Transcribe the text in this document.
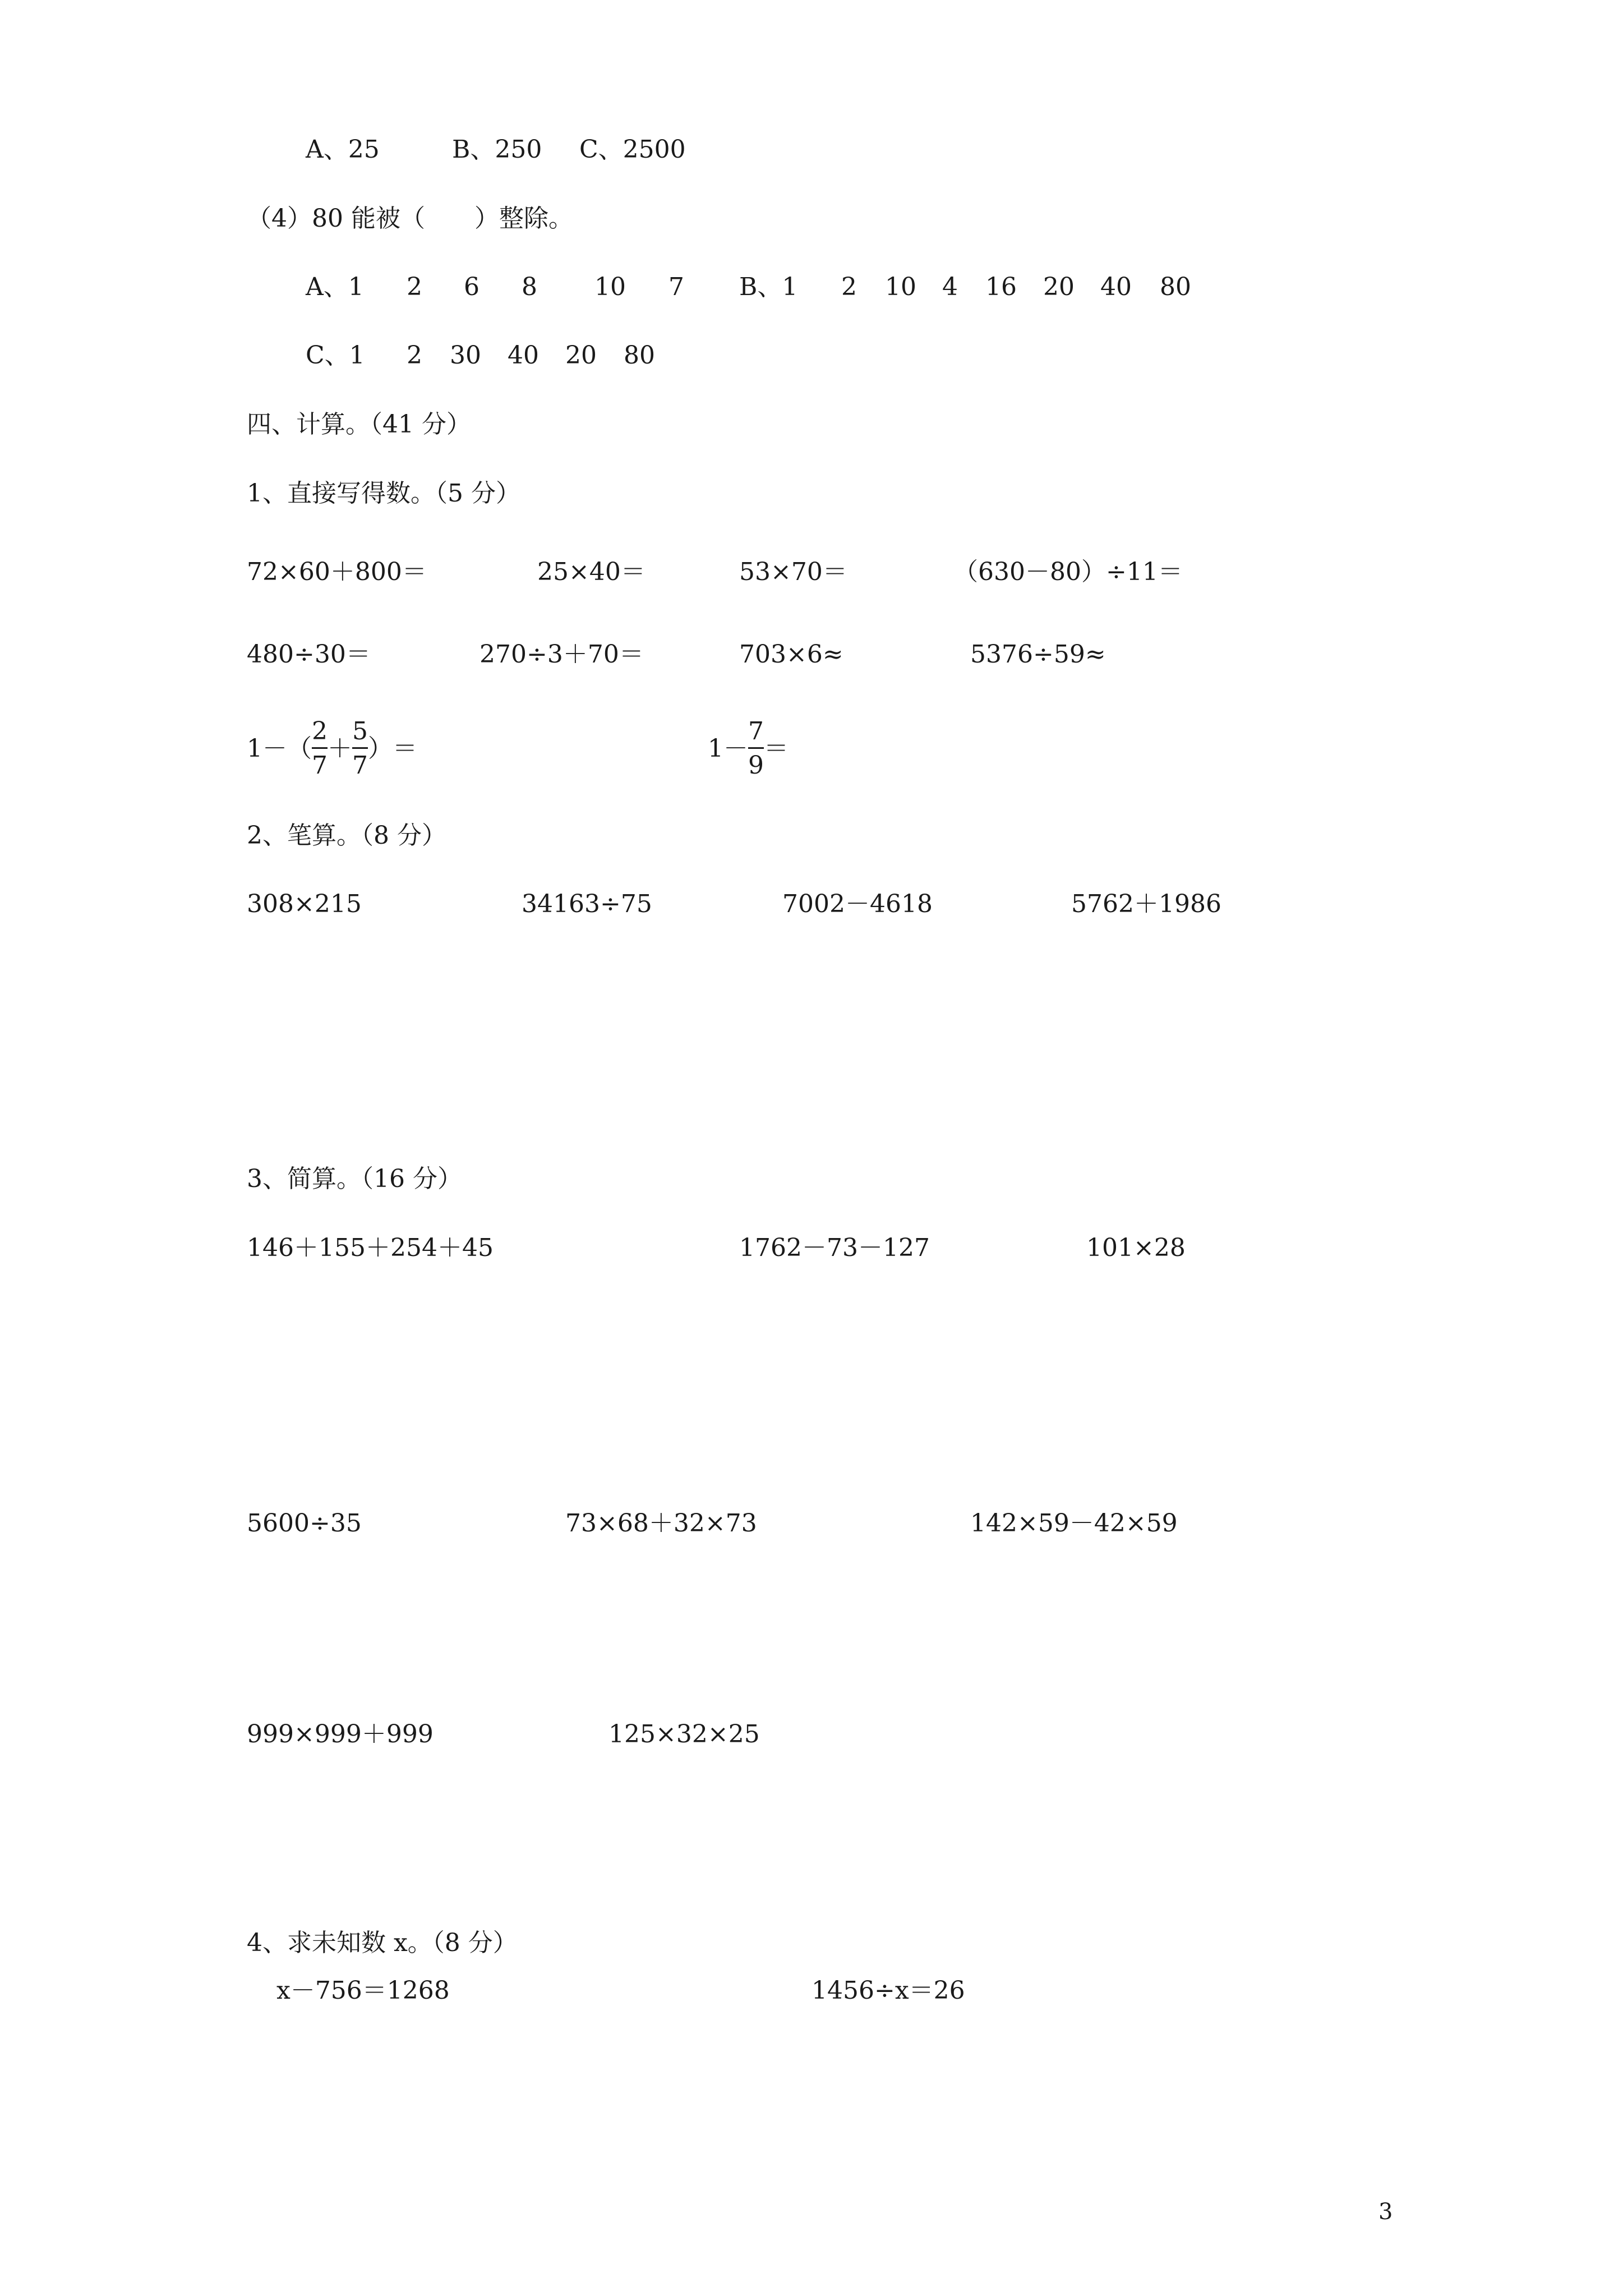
A、25	B、250 C、2500
（4）80 能被（　　）整除。
A、1 2 6 8 10 7 B、1 2 10 4 16 20 40 80
C、1 2 30 40 20 80
四、计算。（41 分）
1、直接写得数。（5 分）
72×60＋800＝	25×40＝	53×70＝	（630－80）÷11＝
480÷30＝	270÷3＋70＝	703×6≈	5376÷59≈
$1-( \frac{2}{7} + \frac{5}{7}$ ）＝	$1- \frac{7}{9}$ ＝
2、笔算。（8 分）
308×215	34163÷75	7002－4618	5762＋1986
3、简算。（16 分）
146＋155＋254＋45	1762－73－127	101×28
5600÷35	73×68＋32×73	142×59－42×59
999×999＋999	125×32×25
4、求未知数 x。（8 分）
x－756＝1268	1456÷x＝26
3
